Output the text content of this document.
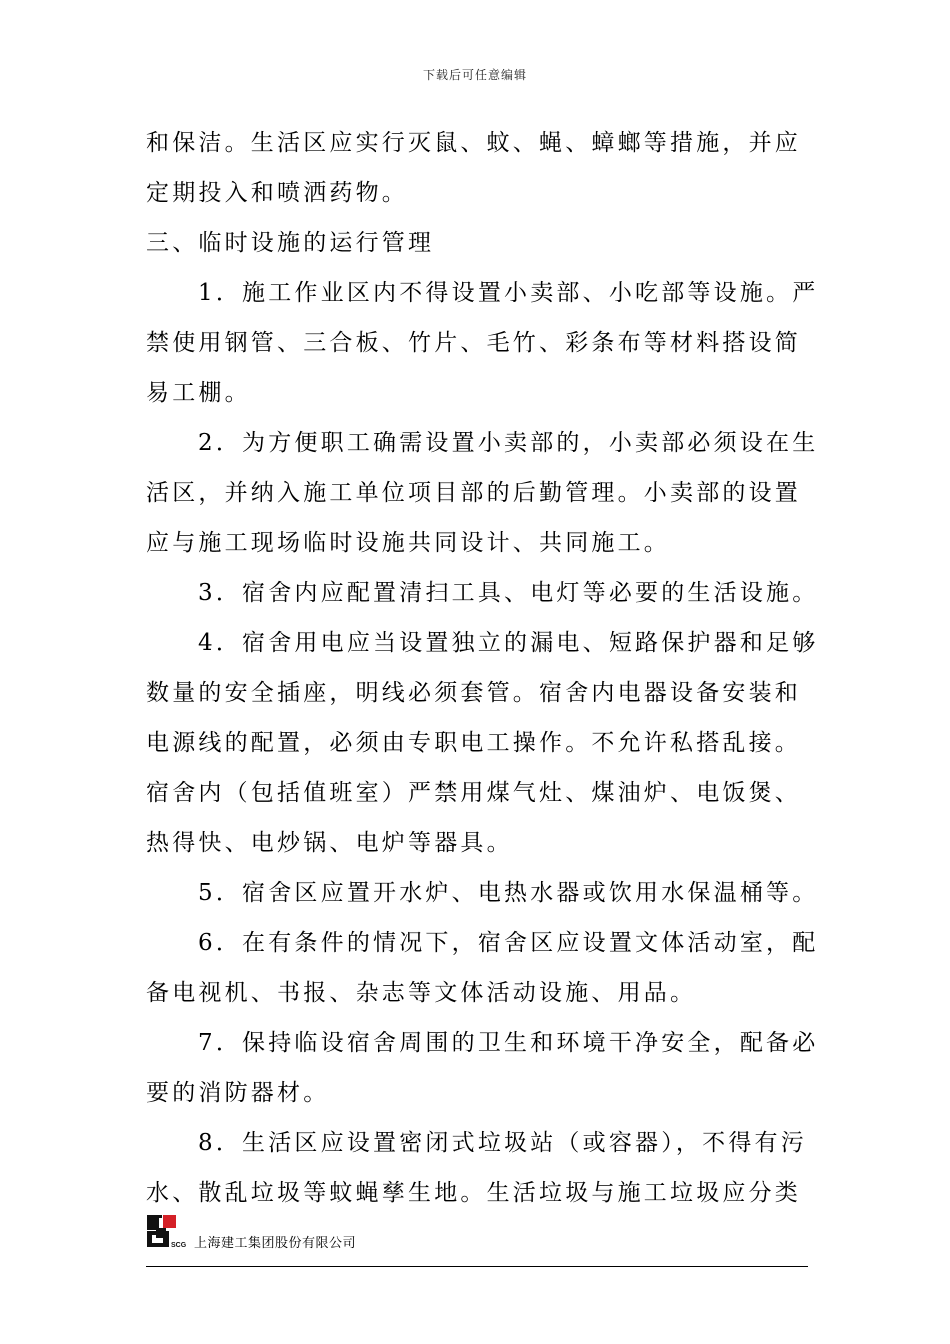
下载后可任意编辑
和保洁。生活区应实行灭鼠、蚊、蝇、蟑螂等措施，并应
定期投入和喷洒药物。
三、临时设施的运行管理
1．施工作业区内不得设置小卖部、小吃部等设施。严
禁使用钢管、三合板、竹片、毛竹、彩条布等材料搭设简
易工棚。
2．为方便职工确需设置小卖部的，小卖部必须设在生
活区，并纳入施工单位项目部的后勤管理。小卖部的设置
应与施工现场临时设施共同设计、共同施工。
3．宿舍内应配置清扫工具、电灯等必要的生活设施。
4．宿舍用电应当设置独立的漏电、短路保护器和足够
数量的安全插座，明线必须套管。宿舍内电器设备安装和
电源线的配置，必须由专职电工操作。不允许私搭乱接。
宿舍内（包括值班室）严禁用煤气灶、煤油炉、电饭煲、
热得快、电炒锅、电炉等器具。
5．宿舍区应置开水炉、电热水器或饮用水保温桶等。
6．在有条件的情况下，宿舍区应设置文体活动室，配
备电视机、书报、杂志等文体活动设施、用品。
7．保持临设宿舍周围的卫生和环境干净安全，配备必
要的消防器材。
8．生活区应设置密闭式垃圾站（或容器），不得有污
水、散乱垃圾等蚊蝇孳生地。生活垃圾与施工垃圾应分类
SCG 上海建工集团股份有限公司
